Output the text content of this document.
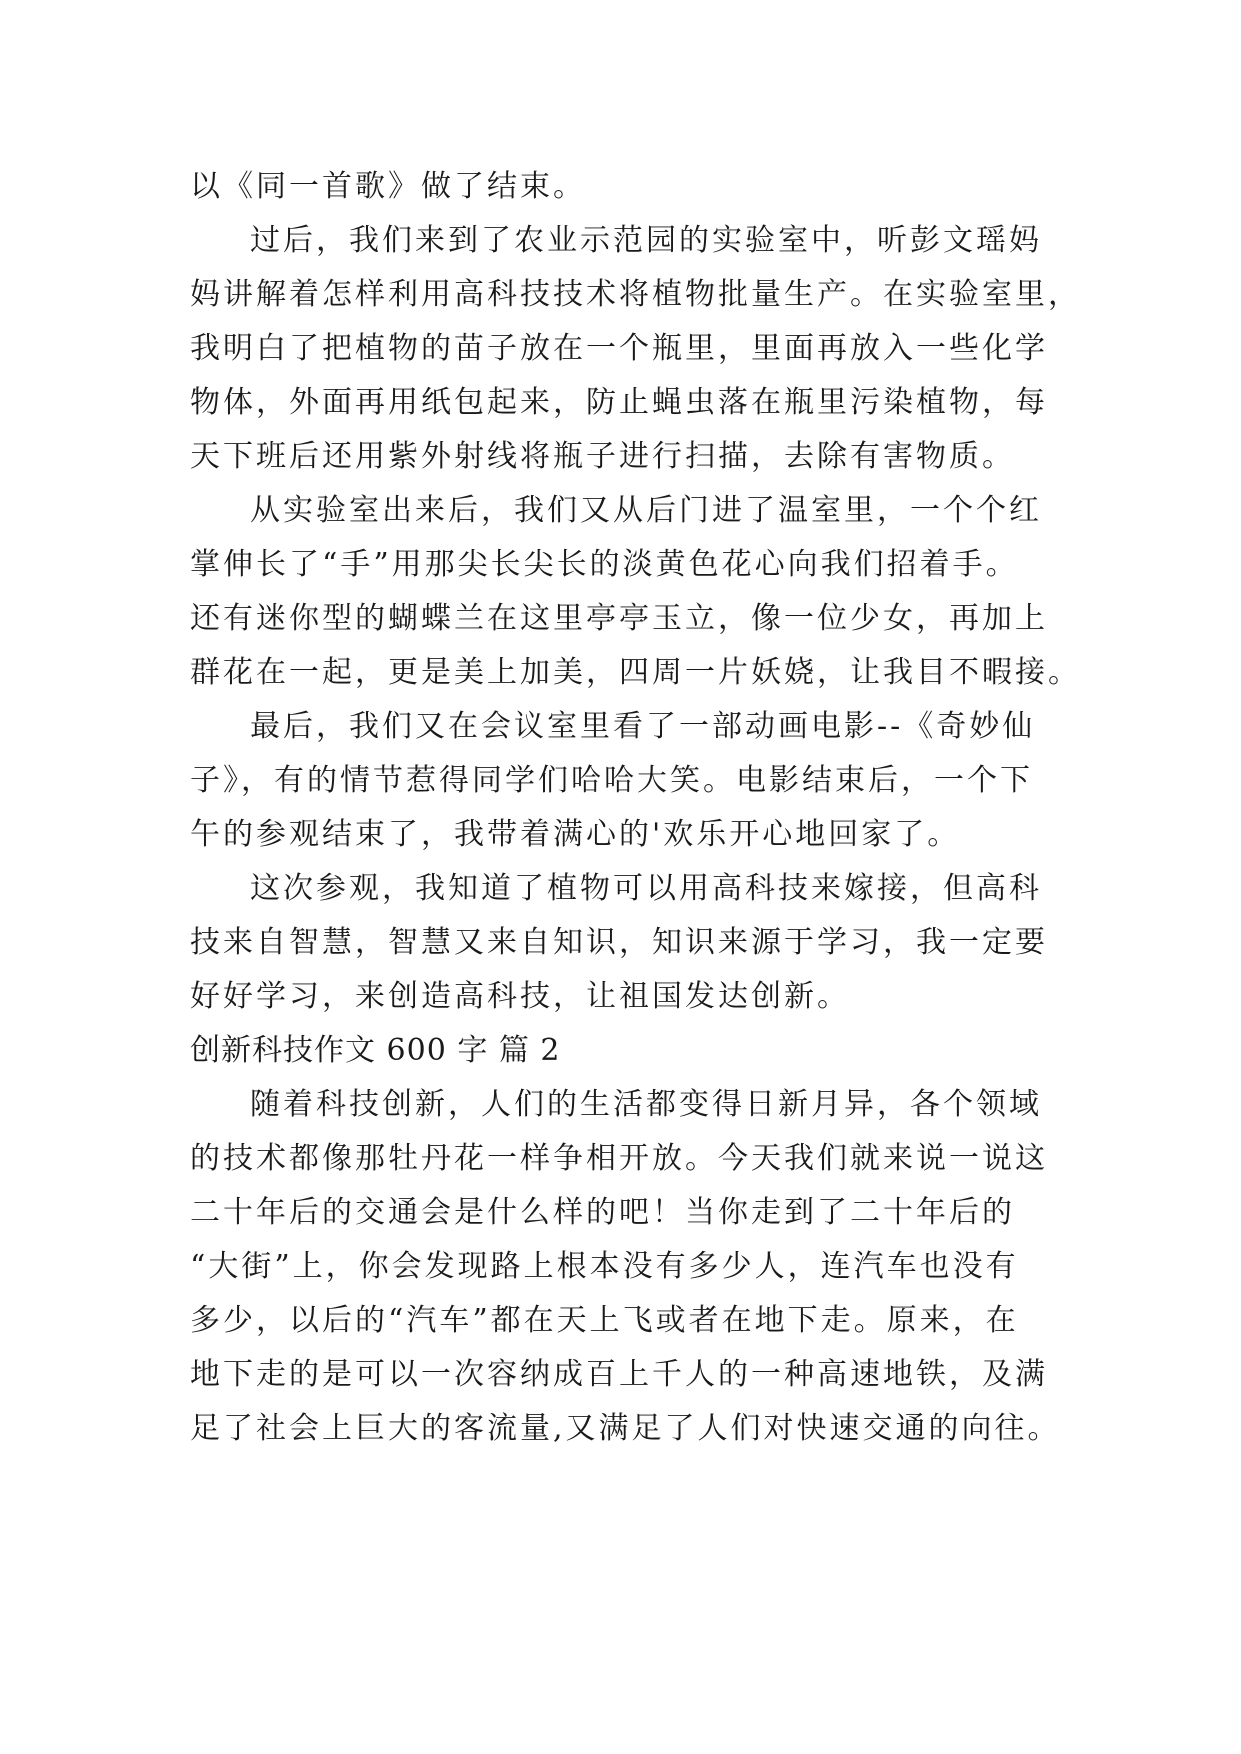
以《同一首歌》做了结束。
过后，我们来到了农业示范园的实验室中，听彭文瑶妈
妈讲解着怎样利用高科技技术将植物批量生产。在实验室里，
我明白了把植物的苗子放在一个瓶里，里面再放入一些化学
物体，外面再用纸包起来，防止蝇虫落在瓶里污染植物，每
天下班后还用紫外射线将瓶子进行扫描，去除有害物质。
从实验室出来后，我们又从后门进了温室里，一个个红
掌伸长了“手”用那尖长尖长的淡黄色花心向我们招着手。
还有迷你型的蝴蝶兰在这里亭亭玉立，像一位少女，再加上
群花在一起，更是美上加美，四周一片妖娆，让我目不暇接。
最后，我们又在会议室里看了一部动画电影--《奇妙仙
子》，有的情节惹得同学们哈哈大笑。电影结束后，一个下
午的参观结束了，我带着满心的'欢乐开心地回家了。
这次参观，我知道了植物可以用高科技来嫁接，但高科
技来自智慧，智慧又来自知识，知识来源于学习，我一定要
好好学习，来创造高科技，让祖国发达创新。
创新科技作文 600 字 篇 2
随着科技创新，人们的生活都变得日新月异，各个领域
的技术都像那牡丹花一样争相开放。今天我们就来说一说这
二十年后的交通会是什么样的吧！当你走到了二十年后的
“大街”上，你会发现路上根本没有多少人，连汽车也没有
多少，以后的“汽车”都在天上飞或者在地下走。原来，在
地下走的是可以一次容纳成百上千人的一种高速地铁，及满
足了社会上巨大的客流量,又满足了人们对快速交通的向往。
